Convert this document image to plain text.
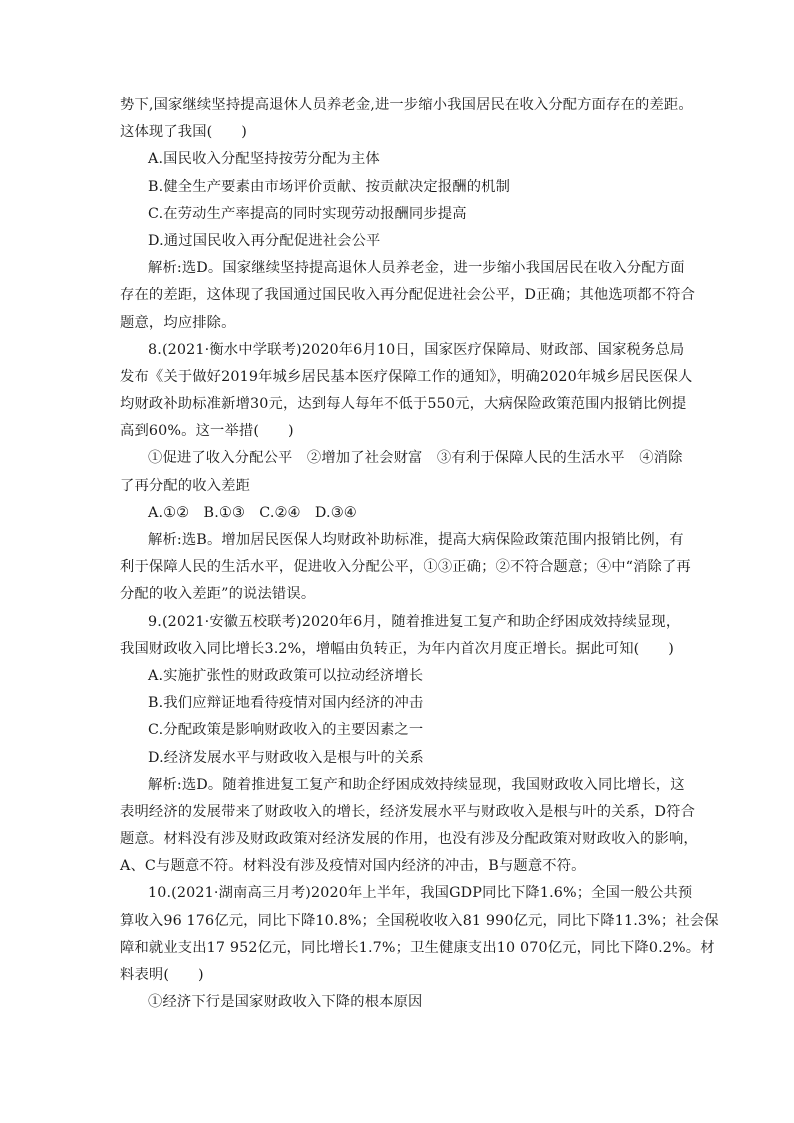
势下,国家继续坚持提高退休人员养老金,进一步缩小我国居民在收入分配方面存在的差距。
这体现了我国(　　)
A.国民收入分配坚持按劳分配为主体
B.健全生产要素由市场评价贡献、按贡献决定报酬的机制
C.在劳动生产率提高的同时实现劳动报酬同步提高
D.通过国民收入再分配促进社会公平
解析:选D。国家继续坚持提高退休人员养老金，进一步缩小我国居民在收入分配方面
存在的差距，这体现了我国通过国民收入再分配促进社会公平，D正确；其他选项都不符合
题意，均应排除。
8.(2021·衡水中学联考)2020年6月10日，国家医疗保障局、财政部、国家税务总局
发布《关于做好2019年城乡居民基本医疗保障工作的通知》，明确2020年城乡居民医保人
均财政补助标准新增30元，达到每人每年不低于550元，大病保险政策范围内报销比例提
高到60%。这一举措(　　)
①促进了收入分配公平　②增加了社会财富　③有利于保障人民的生活水平　④消除
了再分配的收入差距
A.①②　B.①③　C.②④　D.③④
解析:选B。增加居民医保人均财政补助标准，提高大病保险政策范围内报销比例，有
利于保障人民的生活水平，促进收入分配公平，①③正确；②不符合题意；④中“消除了再
分配的收入差距”的说法错误。
9.(2021·安徽五校联考)2020年6月，随着推进复工复产和助企纾困成效持续显现，
我国财政收入同比增长3.2%，增幅由负转正，为年内首次月度正增长。据此可知(　　)
A.实施扩张性的财政政策可以拉动经济增长
B.我们应辩证地看待疫情对国内经济的冲击
C.分配政策是影响财政收入的主要因素之一
D.经济发展水平与财政收入是根与叶的关系
解析:选D。随着推进复工复产和助企纾困成效持续显现，我国财政收入同比增长，这
表明经济的发展带来了财政收入的增长，经济发展水平与财政收入是根与叶的关系，D符合
题意。材料没有涉及财政政策对经济发展的作用，也没有涉及分配政策对财政收入的影响，
A、C与题意不符。材料没有涉及疫情对国内经济的冲击，B与题意不符。
10.(2021·湖南高三月考)2020年上半年，我国GDP同比下降1.6%；全国一般公共预
算收入96 176亿元，同比下降10.8%；全国税收收入81 990亿元，同比下降11.3%；社会保
障和就业支出17 952亿元，同比增长1.7%；卫生健康支出10 070亿元，同比下降0.2%。材
料表明(　　)
①经济下行是国家财政收入下降的根本原因
